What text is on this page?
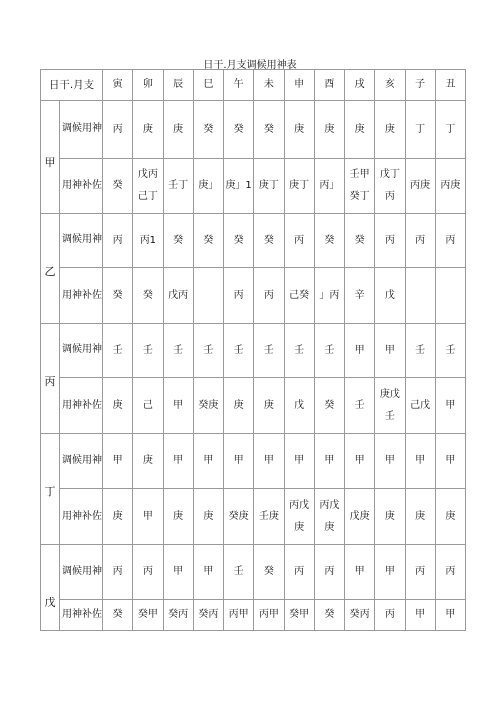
日干.月支调候用神表
日干.月支	寅	卯	辰	巳	午	未	申	酉	戌	亥	子	丑

甲
调候用神	丙	庚	庚	癸	癸	癸	庚	庚	庚	庚	丁	丁

用神补佐	癸	戊丙己丁	壬丁	庚」	庚」1	庚丁	庚丁	丙」	壬甲癸丁	戊丁丙	丙庚	丙庚

乙
调候用神	丙	丙1	癸	癸	癸	癸	丙	癸	癸	丙	丙	丙

用神补佐	癸	癸	戊丙		丙	丙	己癸	」丙	辛	戊		

丙
调候用神	壬	壬	壬	壬	壬	壬	壬	壬	甲	甲	壬	壬

用神补佐	庚	己	甲	癸庚	庚	庚	戊	癸	壬	庚戊壬	己戊	甲

丁
调候用神	甲	庚	甲	甲	甲	甲	甲	甲	甲	甲	甲	甲

用神补佐	庚	甲	庚	庚	癸庚	壬庚	丙戊庚	丙戊庚	戊庚	庚	庚	庚

戊
调候用神	丙	丙	甲	甲	壬	癸	丙	丙	甲	甲	丙	丙

用神补佐	癸	癸甲	癸丙	癸丙	丙甲	丙甲	癸甲	癸	癸丙	丙	甲	甲
